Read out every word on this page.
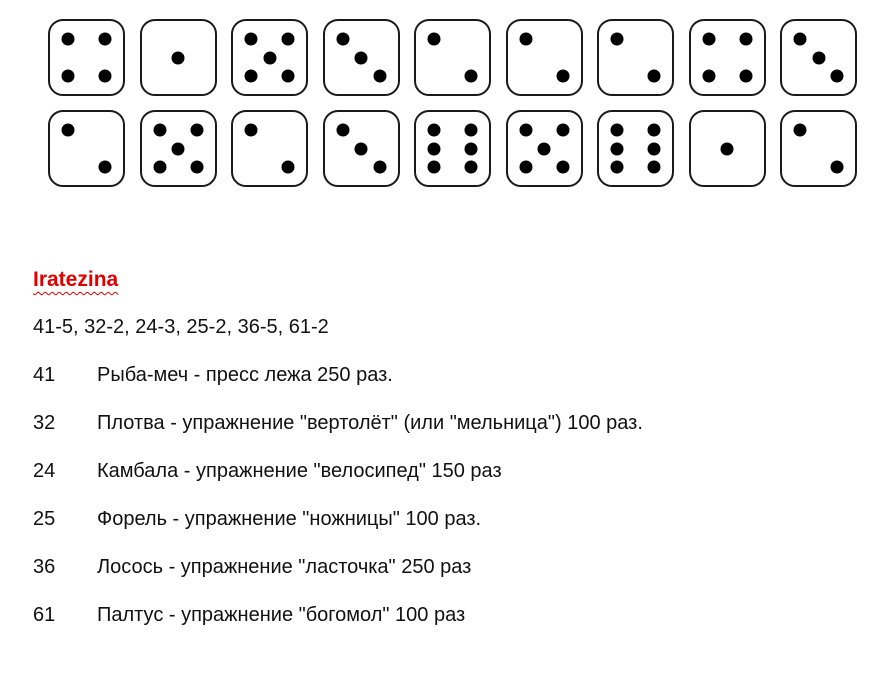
Iratezina
41-5, 32-2, 24-3, 25-2, 36-5, 61-2
41 Рыба-меч - пресс лежа 250 раз.
32 Плотва - упражнение "вертолёт" (или "мельница") 100 раз.
24 Камбала - упражнение "велосипед" 150 раз
25 Форель - упражнение "ножницы" 100 раз.
36 Лосось - упражнение "ласточка" 250 раз
61 Палтус - упражнение "богомол" 100 раз
